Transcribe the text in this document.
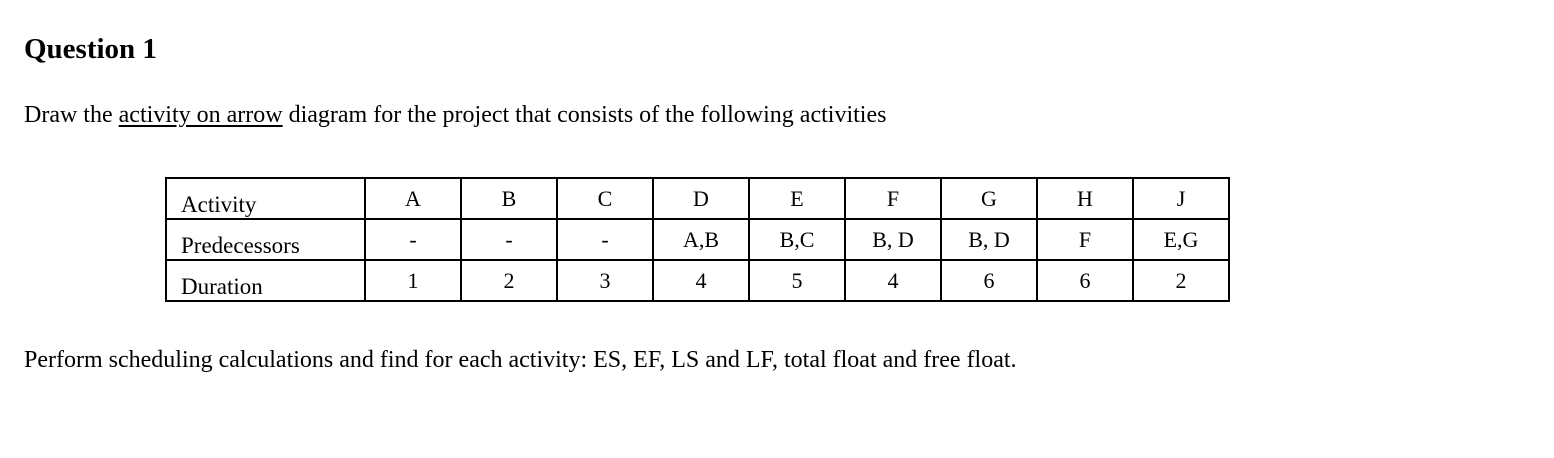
Question 1

Draw the activity on arrow diagram for the project that consists of the following activities

Activity	A	B	C	D	E	F	G	H	J
Predecessors	-	-	-	A,B	B,C	B, D	B, D	F	E,G
Duration	1	2	3	4	5	4	6	6	2

Perform scheduling calculations and find for each activity: ES, EF, LS and LF, total float and free float.
